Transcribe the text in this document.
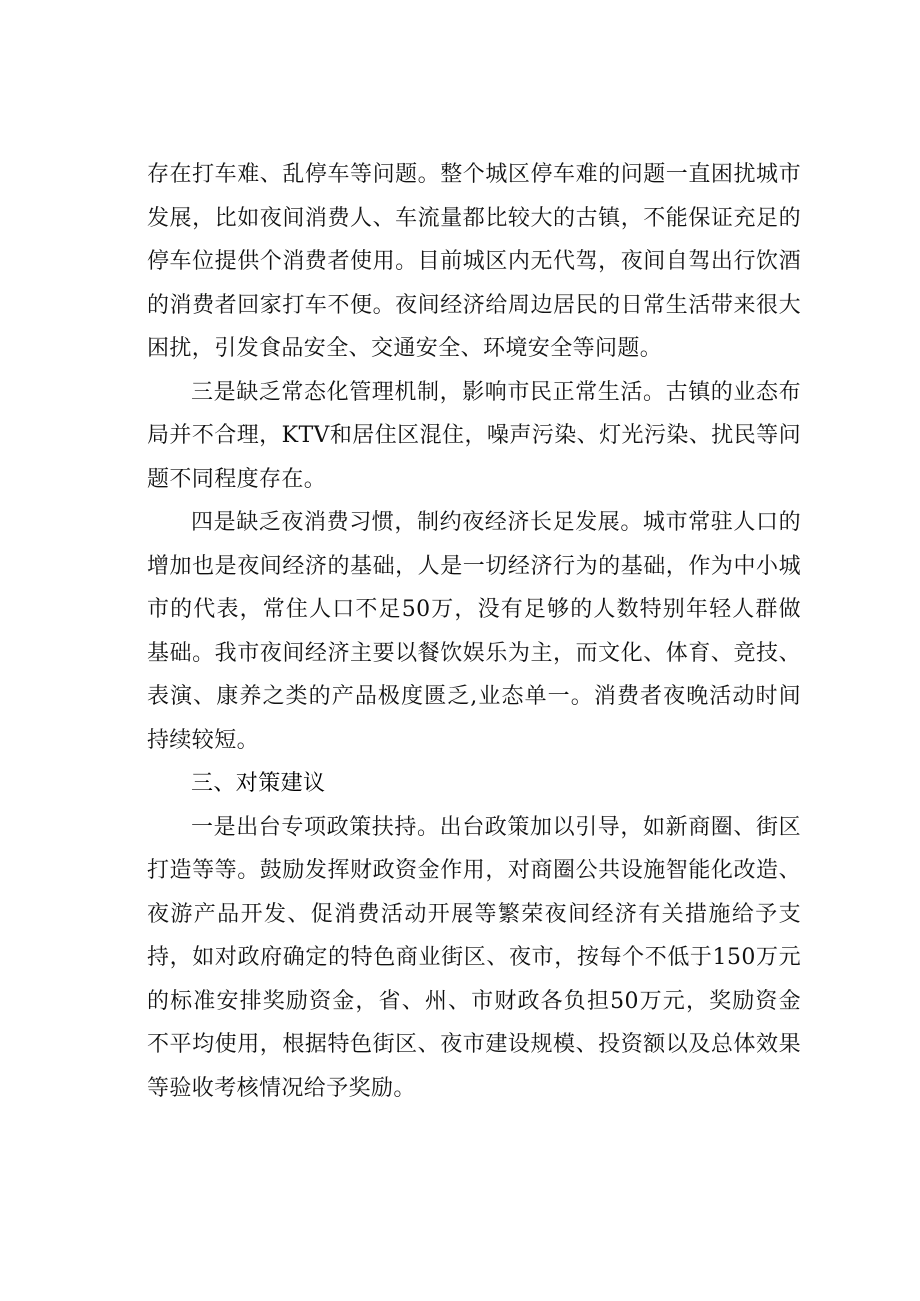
存在打车难、乱停车等问题。整个城区停车难的问题一直困扰城市发展，比如夜间消费人、车流量都比较大的古镇，不能保证充足的停车位提供个消费者使用。目前城区内无代驾，夜间自驾出行饮酒的消费者回家打车不便。夜间经济给周边居民的日常生活带来很大困扰，引发食品安全、交通安全、环境安全等问题。

三是缺乏常态化管理机制，影响市民正常生活。古镇的业态布局并不合理，KTV和居住区混住，噪声污染、灯光污染、扰民等问题不同程度存在。

四是缺乏夜消费习惯，制约夜经济长足发展。城市常驻人口的增加也是夜间经济的基础，人是一切经济行为的基础，作为中小城市的代表，常住人口不足50万，没有足够的人数特别年轻人群做基础。我市夜间经济主要以餐饮娱乐为主，而文化、体育、竞技、表演、康养之类的产品极度匮乏,业态单一。消费者夜晚活动时间持续较短。

三、对策建议

一是出台专项政策扶持。出台政策加以引导，如新商圈、街区打造等等。鼓励发挥财政资金作用，对商圈公共设施智能化改造、夜游产品开发、促消费活动开展等繁荣夜间经济有关措施给予支持，如对政府确定的特色商业街区、夜市，按每个不低于150万元的标准安排奖励资金，省、州、市财政各负担50万元，奖励资金不平均使用，根据特色街区、夜市建设规模、投资额以及总体效果等验收考核情况给予奖励。
